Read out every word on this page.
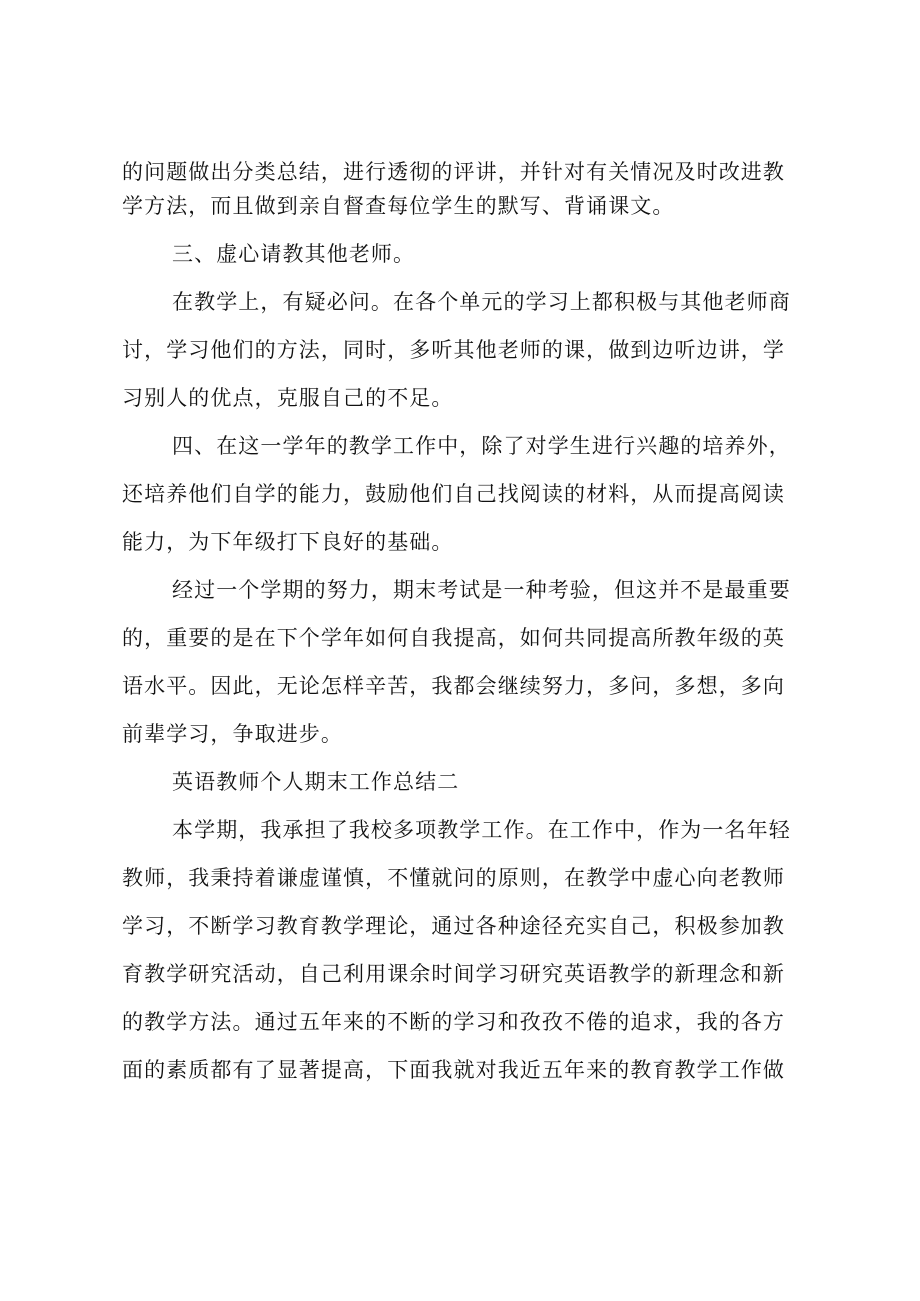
的问题做出分类总结，进行透彻的评讲，并针对有关情况及时改进教
学方法，而且做到亲自督查每位学生的默写、背诵课文。
三、虚心请教其他老师。
在教学上，有疑必问。在各个单元的学习上都积极与其他老师商
讨，学习他们的方法，同时，多听其他老师的课，做到边听边讲，学
习别人的优点，克服自己的不足。
四、在这一学年的教学工作中，除了对学生进行兴趣的培养外，
还培养他们自学的能力，鼓励他们自己找阅读的材料，从而提高阅读
能力，为下年级打下良好的基础。
经过一个学期的努力，期末考试是一种考验，但这并不是最重要
的，重要的是在下个学年如何自我提高，如何共同提高所教年级的英
语水平。因此，无论怎样辛苦，我都会继续努力，多问，多想，多向
前辈学习，争取进步。
英语教师个人期末工作总结二
本学期，我承担了我校多项教学工作。在工作中，作为一名年轻
教师，我秉持着谦虚谨慎，不懂就问的原则，在教学中虚心向老教师
学习，不断学习教育教学理论，通过各种途径充实自己，积极参加教
育教学研究活动，自己利用课余时间学习研究英语教学的新理念和新
的教学方法。通过五年来的不断的学习和孜孜不倦的追求，我的各方
面的素质都有了显著提高，下面我就对我近五年来的教育教学工作做
